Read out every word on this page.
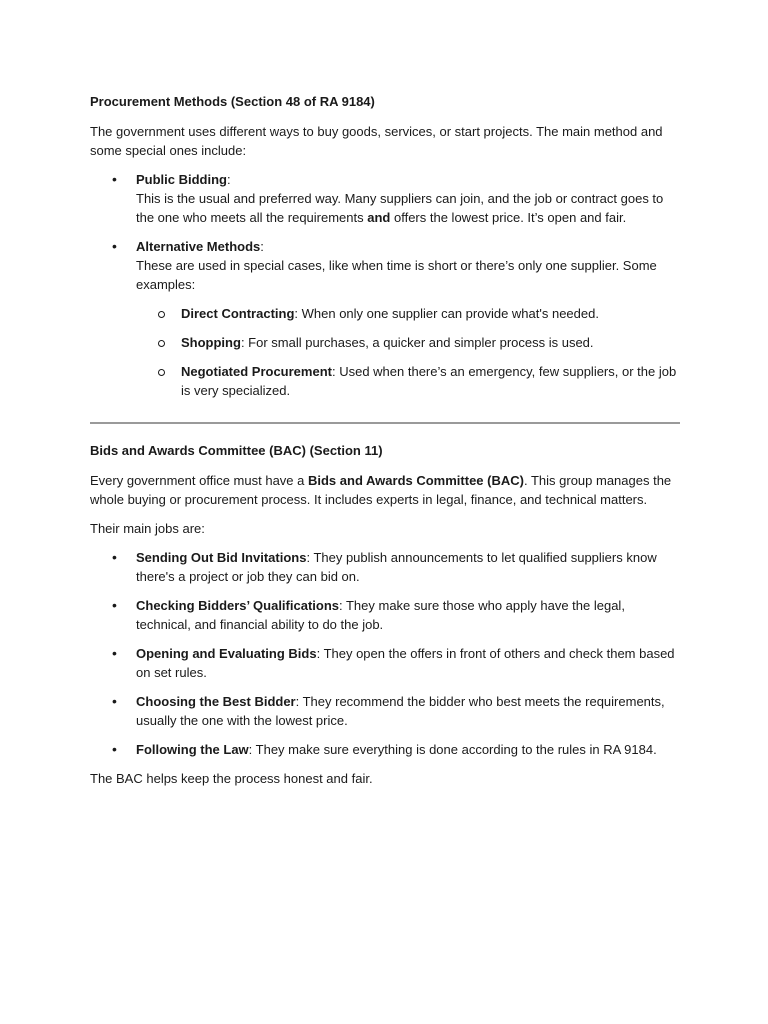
Procurement Methods (Section 48 of RA 9184)

The government uses different ways to buy goods, services, or start projects. The main method and some special ones include:

• Public Bidding:
This is the usual and preferred way. Many suppliers can join, and the job or contract goes to the one who meets all the requirements and offers the lowest price. It’s open and fair.
• Alternative Methods:
These are used in special cases, like when time is short or there’s only one supplier. Some examples:
Direct Contracting: When only one supplier can provide what's needed.
Shopping: For small purchases, a quicker and simpler process is used.
Negotiated Procurement: Used when there’s an emergency, few suppliers, or the job is very specialized.

Bids and Awards Committee (BAC) (Section 11)

Every government office must have a Bids and Awards Committee (BAC). This group manages the whole buying or procurement process. It includes experts in legal, finance, and technical matters.

Their main jobs are:

• Sending Out Bid Invitations: They publish announcements to let qualified suppliers know there's a project or job they can bid on.
• Checking Bidders’ Qualifications: They make sure those who apply have the legal, technical, and financial ability to do the job.
• Opening and Evaluating Bids: They open the offers in front of others and check them based on set rules.
• Choosing the Best Bidder: They recommend the bidder who best meets the requirements, usually the one with the lowest price.
• Following the Law: They make sure everything is done according to the rules in RA 9184.

The BAC helps keep the process honest and fair.
